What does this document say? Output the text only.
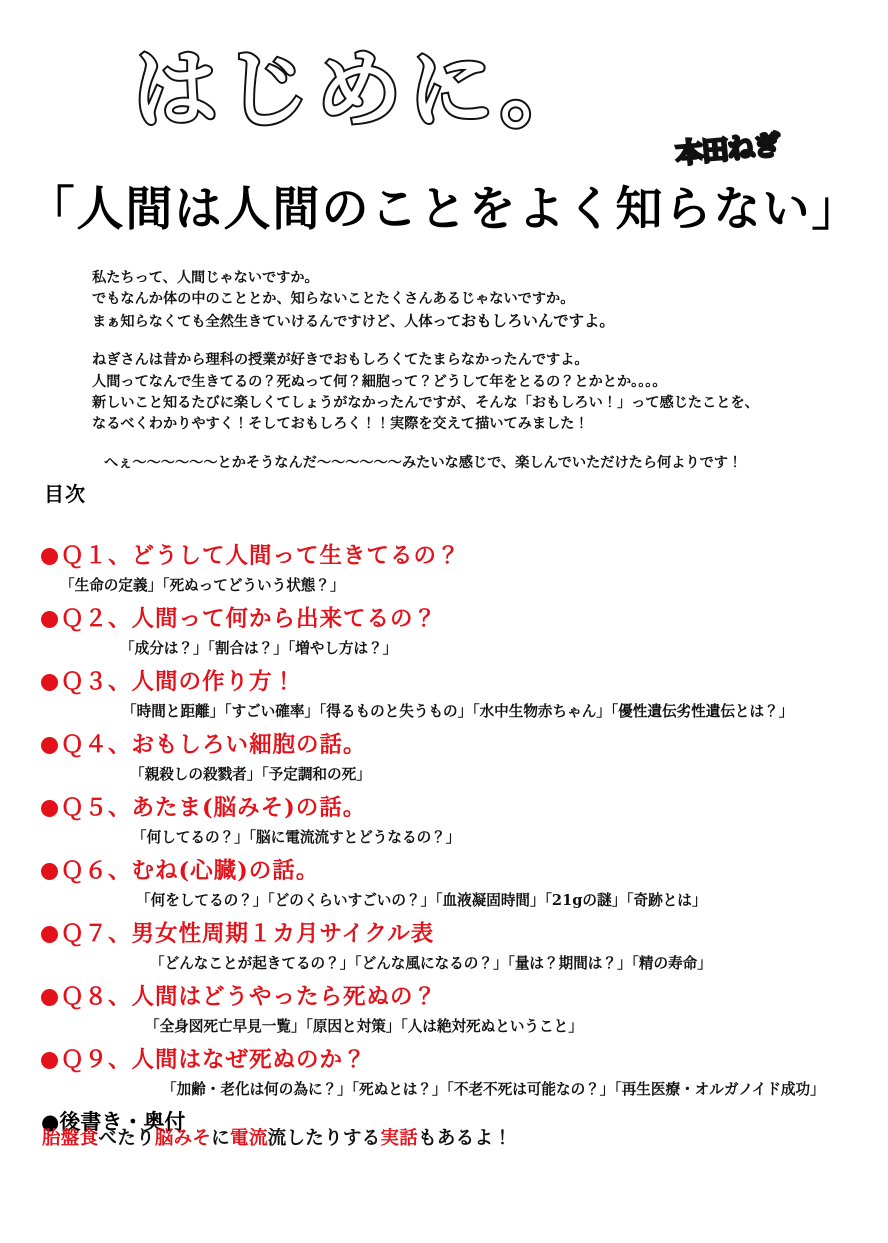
はじめに。
本田ねぎ
「人間は人間のことをよく知らない」

私たちって、人間じゃないですか。
でもなんか体の中のこととか、知らないことたくさんあるじゃないですか。
まぁ知らなくても全然生きていけるんですけど、人体っておもしろいんですよ。

ねぎさんは昔から理科の授業が好きでおもしろくてたまらなかったんですよ。
人間ってなんで生きてるの？死ぬって何？細胞って？どうして年をとるの？とかとか。。。。
新しいこと知るたびに楽しくてしょうがなかったんですが、そんな「おもしろい！」って感じたことを、
なるべくわかりやすく！そしておもしろく！！実際を交えて描いてみました！

へぇ～～～～～～とかそうなんだ～～～～～～みたいな感じで、楽しんでいただけたら何よりです！

目次
Ｑ１、どうして人間って生きてるの？
「生命の定義」「死ぬってどういう状態？」
Ｑ２、人間って何から出来てるの？
「成分は？」「割合は？」「増やし方は？」
Ｑ３、人間の作り方！
「時間と距離」「すごい確率」「得るものと失うもの」「水中生物赤ちゃん」「優性遺伝劣性遺伝とは？」
Ｑ４、おもしろい細胞の話。
「親殺しの殺戮者」「予定調和の死」
Ｑ５、あたま(脳みそ)の話。
「何してるの？」「脳に電流流すとどうなるの？」
Ｑ６、むね(心臓)の話。
「何をしてるの？」「どのくらいすごいの？」「血液凝固時間」「21gの謎」「奇跡とは」
Ｑ７、男女性周期１カ月サイクル表
「どんなことが起きてるの？」「どんな風になるの？」「量は？期間は？」「精の寿命」
Ｑ８、人間はどうやったら死ぬの？
「全身図死亡早見一覧」「原因と対策」「人は絶対死ぬということ」
Ｑ９、人間はなぜ死ぬのか？
「加齢・老化は何の為に？」「死ぬとは？」「不老不死は可能なの？」「再生医療・オルガノイド成功」
●後書き・奥付
胎盤食べたり脳みそに電流流したりする実話もあるよ！
